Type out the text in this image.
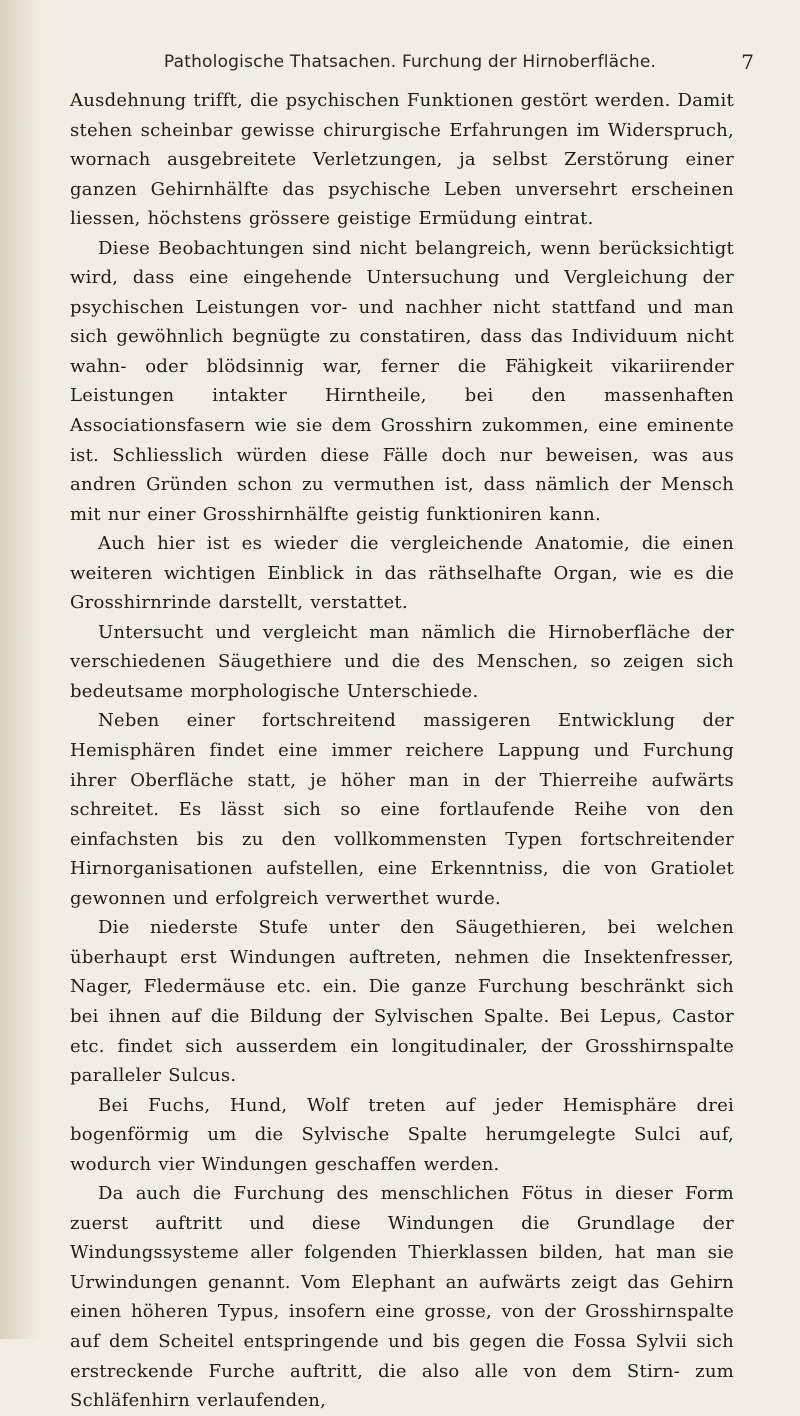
Pathologische Thatsachen. Furchung der Hirnoberfläche.	7

Ausdehnung trifft, die psychischen Funktionen gestört werden. Damit stehen scheinbar gewisse chirurgische Erfahrungen im Widerspruch, wornach ausgebreitete Verletzungen, ja selbst Zerstörung einer ganzen Gehirnhälfte das psychische Leben unversehrt erscheinen liessen, höchstens grössere geistige Ermüdung eintrat.

Diese Beobachtungen sind nicht belangreich, wenn berücksichtigt wird, dass eine eingehende Untersuchung und Vergleichung der psychischen Leistungen vor- und nachher nicht stattfand und man sich gewöhnlich begnügte zu constatiren, dass das Individuum nicht wahn- oder blödsinnig war, ferner die Fähigkeit vikariirender Leistungen intakter Hirntheile, bei den massenhaften Associationsfasern wie sie dem Grosshirn zukommen, eine eminente ist. Schliesslich würden diese Fälle doch nur beweisen, was aus andren Gründen schon zu vermuthen ist, dass nämlich der Mensch mit nur einer Grosshirnhälfte geistig funktioniren kann.

Auch hier ist es wieder die vergleichende Anatomie, die einen weiteren wichtigen Einblick in das räthselhafte Organ, wie es die Grosshirnrinde darstellt, verstattet.

Untersucht und vergleicht man nämlich die Hirnoberfläche der verschiedenen Säugethiere und die des Menschen, so zeigen sich bedeutsame morphologische Unterschiede.

Neben einer fortschreitend massigeren Entwicklung der Hemisphären findet eine immer reichere Lappung und Furchung ihrer Oberfläche statt, je höher man in der Thierreihe aufwärts schreitet. Es lässt sich so eine fortlaufende Reihe von den einfachsten bis zu den vollkommensten Typen fortschreitender Hirnorganisationen aufstellen, eine Erkenntniss, die von Gratiolet gewonnen und erfolgreich verwerthet wurde.

Die niederste Stufe unter den Säugethieren, bei welchen überhaupt erst Windungen auftreten, nehmen die Insektenfresser, Nager, Fledermäuse etc. ein. Die ganze Furchung beschränkt sich bei ihnen auf die Bildung der Sylvischen Spalte. Bei Lepus, Castor etc. findet sich ausserdem ein longitudinaler, der Grosshirnspalte paralleler Sulcus.

Bei Fuchs, Hund, Wolf treten auf jeder Hemisphäre drei bogenförmig um die Sylvische Spalte herumgelegte Sulci auf, wodurch vier Windungen geschaffen werden.

Da auch die Furchung des menschlichen Fötus in dieser Form zuerst auftritt und diese Windungen die Grundlage der Windungssysteme aller folgenden Thierklassen bilden, hat man sie Urwindungen genannt. Vom Elephant an aufwärts zeigt das Gehirn einen höheren Typus, insofern eine grosse, von der Grosshirnspalte auf dem Scheitel entspringende und bis gegen die Fossa Sylvii sich erstreckende Furche auftritt, die also alle von dem Stirn- zum Schläfenhirn verlaufenden,
